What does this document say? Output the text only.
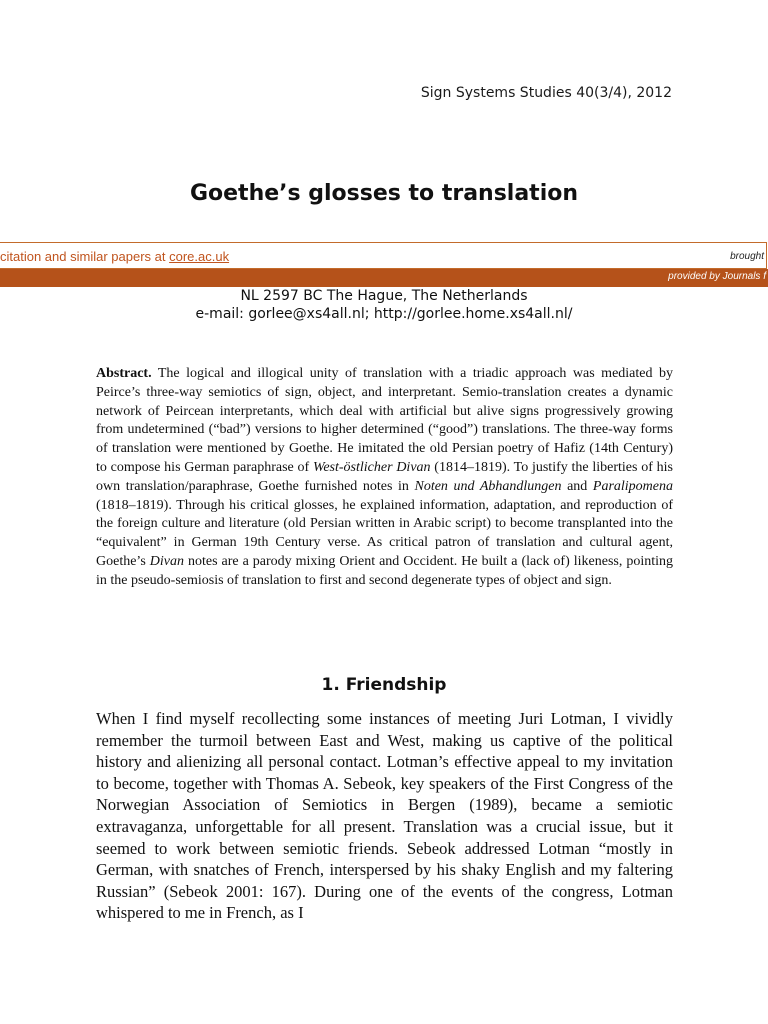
Sign Systems Studies 40(3/4), 2012
Goethe’s glosses to translation
citation and similar papers at core.ac.uk	brought
provided by Journals f
NL 2597 BC The Hague, The Netherlands
e-mail: gorlee@xs4all.nl; http://gorlee.home.xs4all.nl/

Abstract. The logical and illogical unity of translation with a triadic approach was mediated by Peirce’s three-way semiotics of sign, object, and interpretant. Semio-translation creates a dynamic network of Peircean interpretants, which deal with artificial but alive signs progressively growing from undetermined (“bad”) versions to higher determined (“good”) translations. The three-way forms of translation were mentioned by Goethe. He imitated the old Persian poetry of Hafiz (14th Century) to compose his German paraphrase of West-östlicher Divan (1814–1819). To justify the liberties of his own translation/paraphrase, Goethe furnished notes in Noten und Abhandlungen and Paralipomena (1818–1819). Through his critical glosses, he explained information, adaptation, and reproduction of the foreign culture and literature (old Persian written in Arabic script) to become transplanted into the “equivalent” in German 19th Century verse. As critical patron of translation and cultural agent, Goethe’s Divan notes are a parody mixing Orient and Occident. He built a (lack of) likeness, pointing in the pseudo-semiosis of translation to first and second degenerate types of object and sign.

1. Friendship

When I find myself recollecting some instances of meeting Juri Lotman, I vividly remember the turmoil between East and West, making us captive of the political history and alienizing all personal contact. Lotman’s effective appeal to my invitation to become, together with Thomas A. Sebeok, key speakers of the First Congress of the Norwegian Association of Semiotics in Bergen (1989), became a semiotic extravaganza, unforgettable for all present. Translation was a crucial issue, but it seemed to work between semiotic friends. Sebeok addressed Lotman “mostly in German, with snatches of French, interspersed by his shaky English and my faltering Russian” (Sebeok 2001: 167). During one of the events of the congress, Lotman whispered to me in French, as I
